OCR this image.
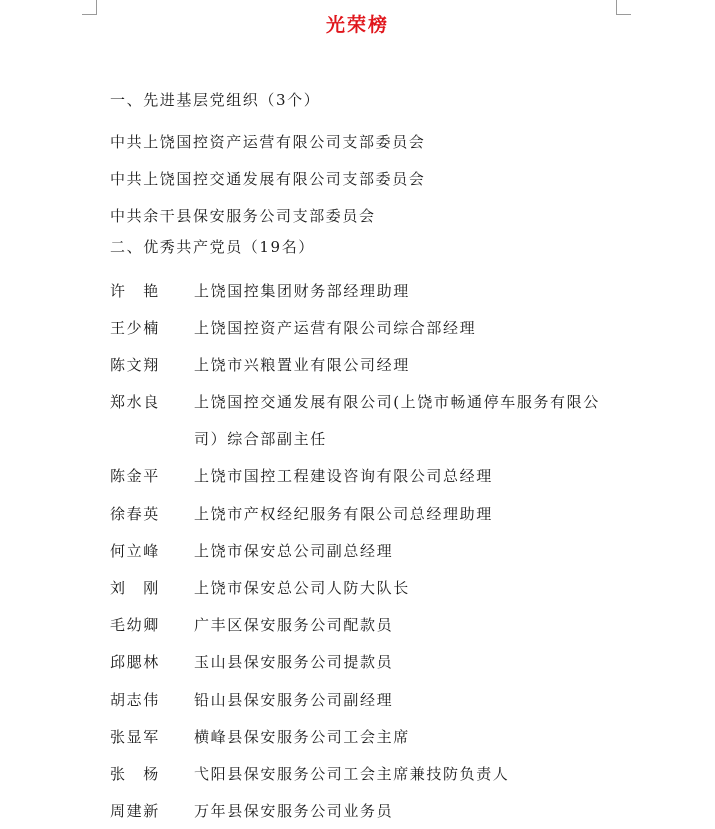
光荣榜
一、先进基层党组织（3个）
中共上饶国控资产运营有限公司支部委员会
中共上饶国控交通发展有限公司支部委员会
中共余干县保安服务公司支部委员会
二、优秀共产党员（19名）
许　艳 上饶国控集团财务部经理助理
王少楠 上饶国控资产运营有限公司综合部经理
陈文翔 上饶市兴粮置业有限公司经理
郑水良 上饶国控交通发展有限公司(上饶市畅通停车服务有限公
司）综合部副主任
陈金平 上饶市国控工程建设咨询有限公司总经理
徐春英 上饶市产权经纪服务有限公司总经理助理
何立峰 上饶市保安总公司副总经理
刘　刚 上饶市保安总公司人防大队长
毛幼卿 广丰区保安服务公司配款员
邱腮林 玉山县保安服务公司提款员
胡志伟 铅山县保安服务公司副经理
张显军 横峰县保安服务公司工会主席
张　杨 弋阳县保安服务公司工会主席兼技防负责人
周建新 万年县保安服务公司业务员
